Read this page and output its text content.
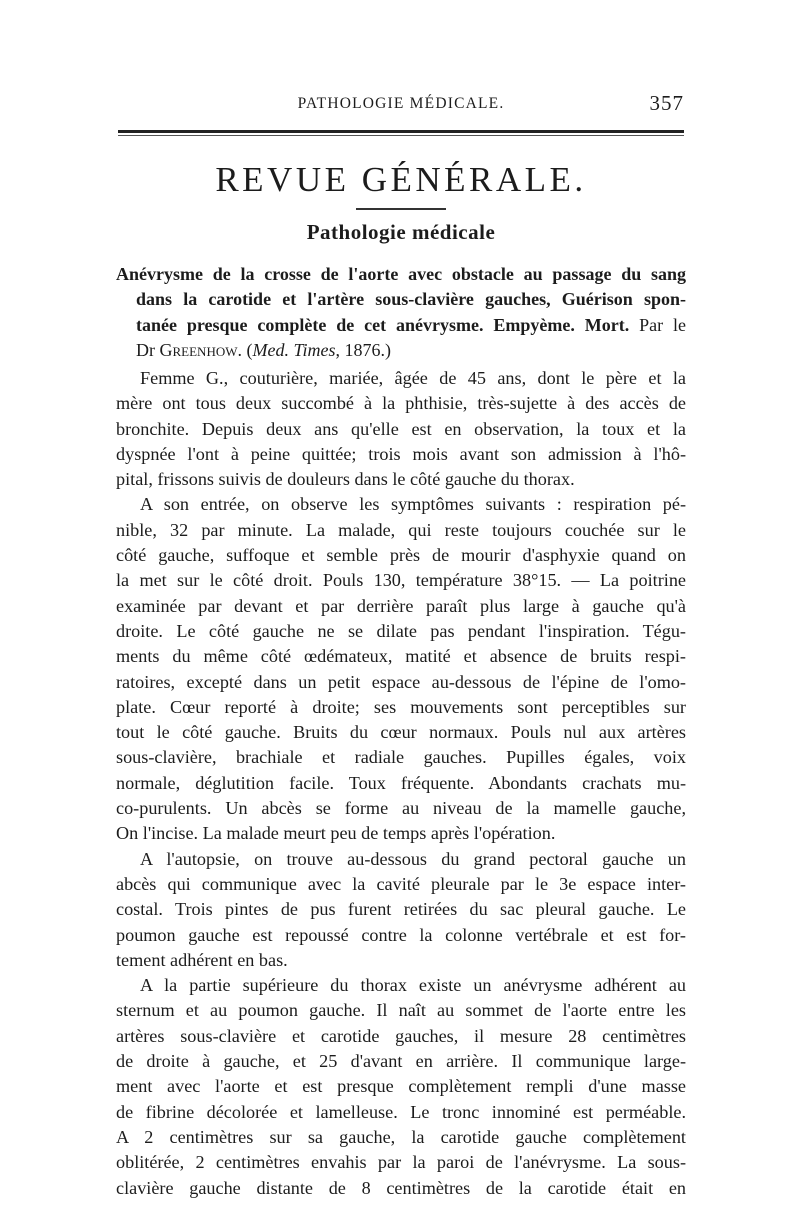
PATHOLOGIE MÉDICALE.	357
REVUE GÉNÉRALE.
Pathologie médicale
Anévrysme de la crosse de l'aorte avec obstacle au passage du sang
dans la carotide et l'artère sous-clavière gauches, Guérison spon-
tanée presque complète de cet anévrysme. Empyème. Mort. Par le
Dr Greenhow. (Med. Times, 1876.)
Femme G., couturière, mariée, âgée de 45 ans, dont le père et la
mère ont tous deux succombé à la phthisie, très-sujette à des accès de
bronchite. Depuis deux ans qu'elle est en observation, la toux et la
dyspnée l'ont à peine quittée; trois mois avant son admission à l'hô-
pital, frissons suivis de douleurs dans le côté gauche du thorax.
A son entrée, on observe les symptômes suivants : respiration pé-
nible, 32 par minute. La malade, qui reste toujours couchée sur le
côté gauche, suffoque et semble près de mourir d'asphyxie quand on
la met sur le côté droit. Pouls 130, température 38°15. — La poitrine
examinée par devant et par derrière paraît plus large à gauche qu'à
droite. Le côté gauche ne se dilate pas pendant l'inspiration. Tégu-
ments du même côté œdémateux, matité et absence de bruits respi-
ratoires, excepté dans un petit espace au-dessous de l'épine de l'omo-
plate. Cœur reporté à droite; ses mouvements sont perceptibles sur
tout le côté gauche. Bruits du cœur normaux. Pouls nul aux artères
sous-clavière, brachiale et radiale gauches. Pupilles égales, voix
normale, déglutition facile. Toux fréquente. Abondants crachats mu-
co-purulents. Un abcès se forme au niveau de la mamelle gauche,
On l'incise. La malade meurt peu de temps après l'opération.
A l'autopsie, on trouve au-dessous du grand pectoral gauche un
abcès qui communique avec la cavité pleurale par le 3e espace inter-
costal. Trois pintes de pus furent retirées du sac pleural gauche. Le
poumon gauche est repoussé contre la colonne vertébrale et est for-
tement adhérent en bas.
A la partie supérieure du thorax existe un anévrysme adhérent au
sternum et au poumon gauche. Il naît au sommet de l'aorte entre les
artères sous-clavière et carotide gauches, il mesure 28 centimètres
de droite à gauche, et 25 d'avant en arrière. Il communique large-
ment avec l'aorte et est presque complètement rempli d'une masse
de fibrine décolorée et lamelleuse. Le tronc innominé est perméable.
A 2 centimètres sur sa gauche, la carotide gauche complètement
oblitérée, 2 centimètres envahis par la paroi de l'anévrysme. La sous-
clavière gauche distante de 8 centimètres de la carotide était en
